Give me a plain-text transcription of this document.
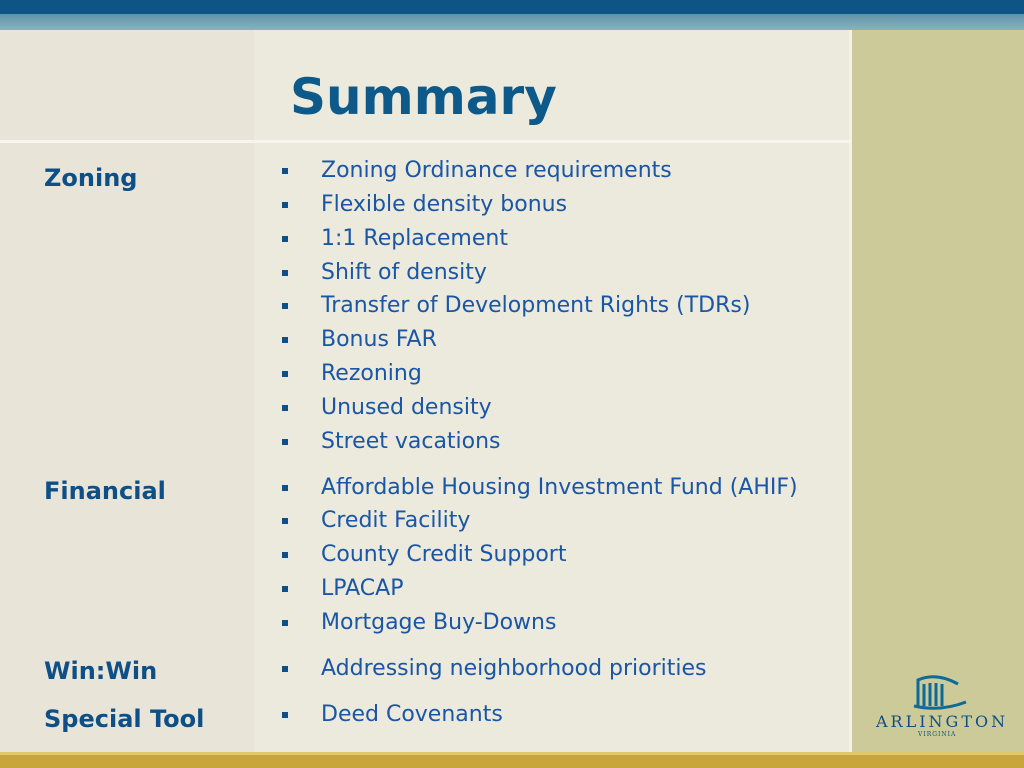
Summary
Zoning	Zoning Ordinance requirements
Flexible density bonus
1:1 Replacement
Shift of density
Transfer of Development Rights (TDRs)
Bonus FAR
Rezoning
Unused density
Street vacations
Financial	Affordable Housing Investment Fund (AHIF)
Credit Facility
County Credit Support
LPACAP
Mortgage Buy-Downs
Win:Win	Addressing neighborhood priorities
Special Tool	Deed Covenants	ARLINGTON
VIRGINIA
